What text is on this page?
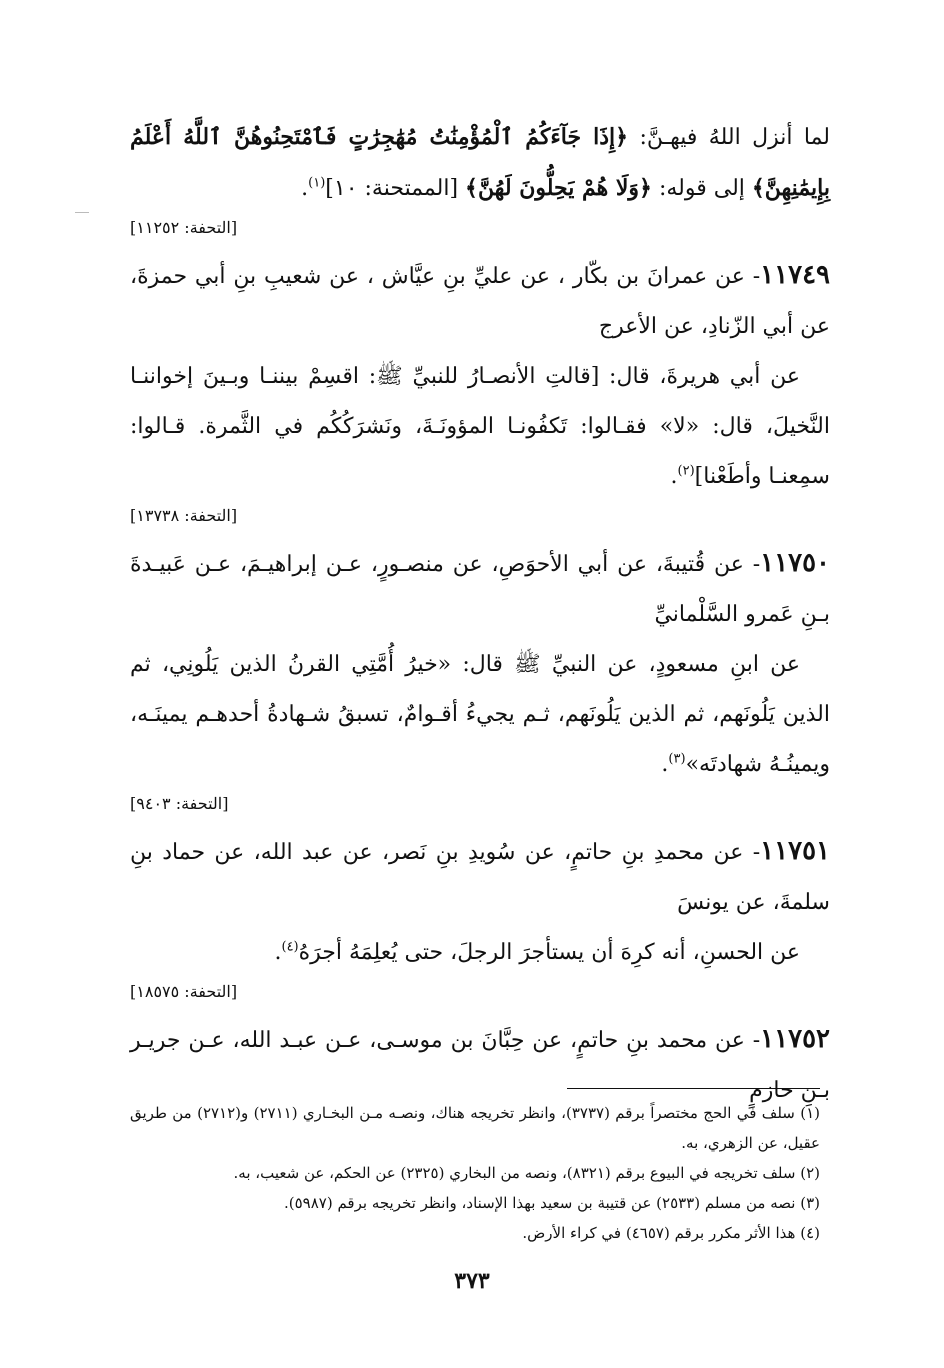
لما أنزل اللهُ فيهـنَّ: ﴿إِذَا جَآءَكُمُ ٱلْمُؤْمِنَٰتُ مُهَٰجِرَٰتٍ فَٱمْتَحِنُوهُنَّ ٱللَّهُ أَعْلَمُ بِإِيمَٰنِهِنَّ﴾ إلى قوله: ﴿وَلَا هُمْ يَحِلُّونَ لَهُنَّ﴾ [الممتحنة: ١٠]$^{(١)}$.

[التحفة: ١١٢٥٢]

١١٧٤٩- عن عمرانَ بن بكّار ، عن عليِّ بنِ عيَّاش ، عن شعيبِ بنِ أبي حمزةَ، عن أبي الزّنادِ، عن الأعرج

عن أبي هريرةَ، قال: [قالتِ الأنصـارُ للنبيِّ ﷺ: اقسِمْ بيننـا وبـينَ إخواننـا النَّخيلَ، قال: «لا» فقـالوا: تَكفُونـا المؤونَـةَ، ونَشرَكُكُم في الثَّمرة. قـالوا: سمِعنـا وأطَعْنا]$^{(٢)}$.

[التحفة: ١٣٧٣٨]

١١٧٥٠- عن قُتيبةَ، عن أبي الأحوَصِ، عن منصـورٍ، عـن إبراهيـمَ، عـن عَبيـدةَ بـنِ عَمرو السَّلْمانيِّ

عن ابنِ مسعودٍ، عن النبيِّ ﷺ قال: «خيرُ أُمَّتِي القرنُ الذين يَلُونِي، ثم الذين يَلُونَهم، ثم الذين يَلُونَهم، ثـم يجيءُ أقـوامٌ، تسبقُ شـهادةُ أحدهـم يمينَـه، ويمينُـهُ شهادتَه»$^{(٣)}$.

[التحفة: ٩٤٠٣]

١١٧٥١- عن محمدِ بنِ حاتمٍ، عن سُويدِ بنِ نَصر، عن عبد الله، عن حماد بنِ سلمةَ، عن يونسَ

عن الحسنِ، أنه كرِهَ أن يستأجرَ الرجلَ، حتى يُعلِمَهُ أجرَهُ$^{(٤)}$.

[التحفة: ١٨٥٧٥]

١١٧٥٢- عن محمد بنِ حاتمٍ، عن حِبَّانَ بن موسـى، عـن عبـد الله، عـن جريـر بـنِ حازمٍ

(١) سلف في الحج مختصراً برقم (٣٧٣٧)، وانظر تخريجه هناك، ونصـه مـن البخـاري (٢٧١١) و(٢٧١٢) من طريق عقيل، عن الزهري، به.

(٢) سلف تخريجه في البيوع برقم (٨٣٢١)، ونصه من البخاري (٢٣٢٥) عن الحكم، عن شعيب، به.

(٣) نصه من مسلم (٢٥٣٣) عن قتيبة بن سعيد بهذا الإسناد، وانظر تخريجه برقم (٥٩٨٧).

(٤) هذا الأثر مكرر برقم (٤٦٥٧) في كراء الأرض.

٣٧٣
